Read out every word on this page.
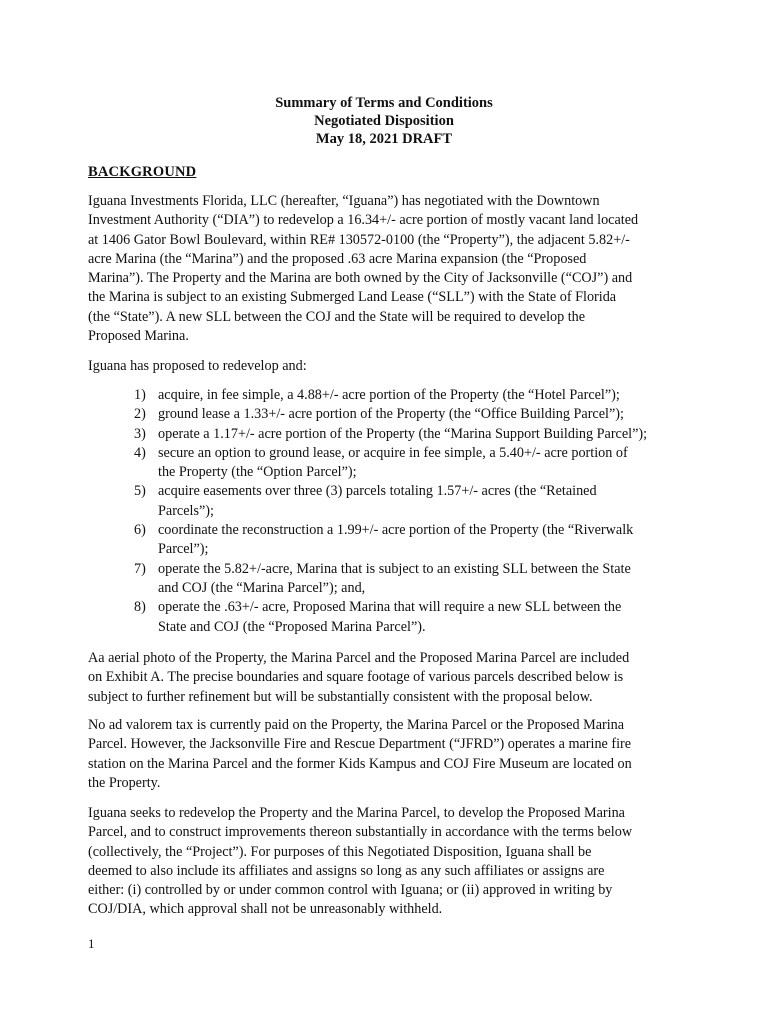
Summary of Terms and Conditions
Negotiated Disposition
May 18, 2021 DRAFT
BACKGROUND

Iguana Investments Florida, LLC (hereafter, “Iguana”) has negotiated with the Downtown
Investment Authority (“DIA”) to redevelop a 16.34+/- acre portion of mostly vacant land located
at 1406 Gator Bowl Boulevard, within RE# 130572-0100 (the “Property”), the adjacent 5.82+/-
acre Marina (the “Marina”) and the proposed .63 acre Marina expansion (the “Proposed
Marina”). The Property and the Marina are both owned by the City of Jacksonville (“COJ”) and
the Marina is subject to an existing Submerged Land Lease (“SLL”) with the State of Florida
(the “State”). A new SLL between the COJ and the State will be required to develop the
Proposed Marina.

Iguana has proposed to redevelop and:

1) acquire, in fee simple, a 4.88+/- acre portion of the Property (the “Hotel Parcel”);
2) ground lease a 1.33+/- acre portion of the Property (the “Office Building Parcel”);
3) operate a 1.17+/- acre portion of the Property (the “Marina Support Building Parcel”);
4) secure an option to ground lease, or acquire in fee simple, a 5.40+/- acre portion of
the Property (the “Option Parcel”);
5) acquire easements over three (3) parcels totaling 1.57+/- acres (the “Retained
Parcels”);
6) coordinate the reconstruction a 1.99+/- acre portion of the Property (the “Riverwalk
Parcel”);
7) operate the 5.82+/-acre, Marina that is subject to an existing SLL between the State
and COJ (the “Marina Parcel”); and,
8) operate the .63+/- acre, Proposed Marina that will require a new SLL between the
State and COJ (the “Proposed Marina Parcel”).

Aa aerial photo of the Property, the Marina Parcel and the Proposed Marina Parcel are included
on Exhibit A. The precise boundaries and square footage of various parcels described below is
subject to further refinement but will be substantially consistent with the proposal below.

No ad valorem tax is currently paid on the Property, the Marina Parcel or the Proposed Marina
Parcel. However, the Jacksonville Fire and Rescue Department (“JFRD”) operates a marine fire
station on the Marina Parcel and the former Kids Kampus and COJ Fire Museum are located on
the Property.

Iguana seeks to redevelop the Property and the Marina Parcel, to develop the Proposed Marina
Parcel, and to construct improvements thereon substantially in accordance with the terms below
(collectively, the “Project”). For purposes of this Negotiated Disposition, Iguana shall be
deemed to also include its affiliates and assigns so long as any such affiliates or assigns are
either: (i) controlled by or under common control with Iguana; or (ii) approved in writing by
COJ/DIA, which approval shall not be unreasonably withheld.

1
